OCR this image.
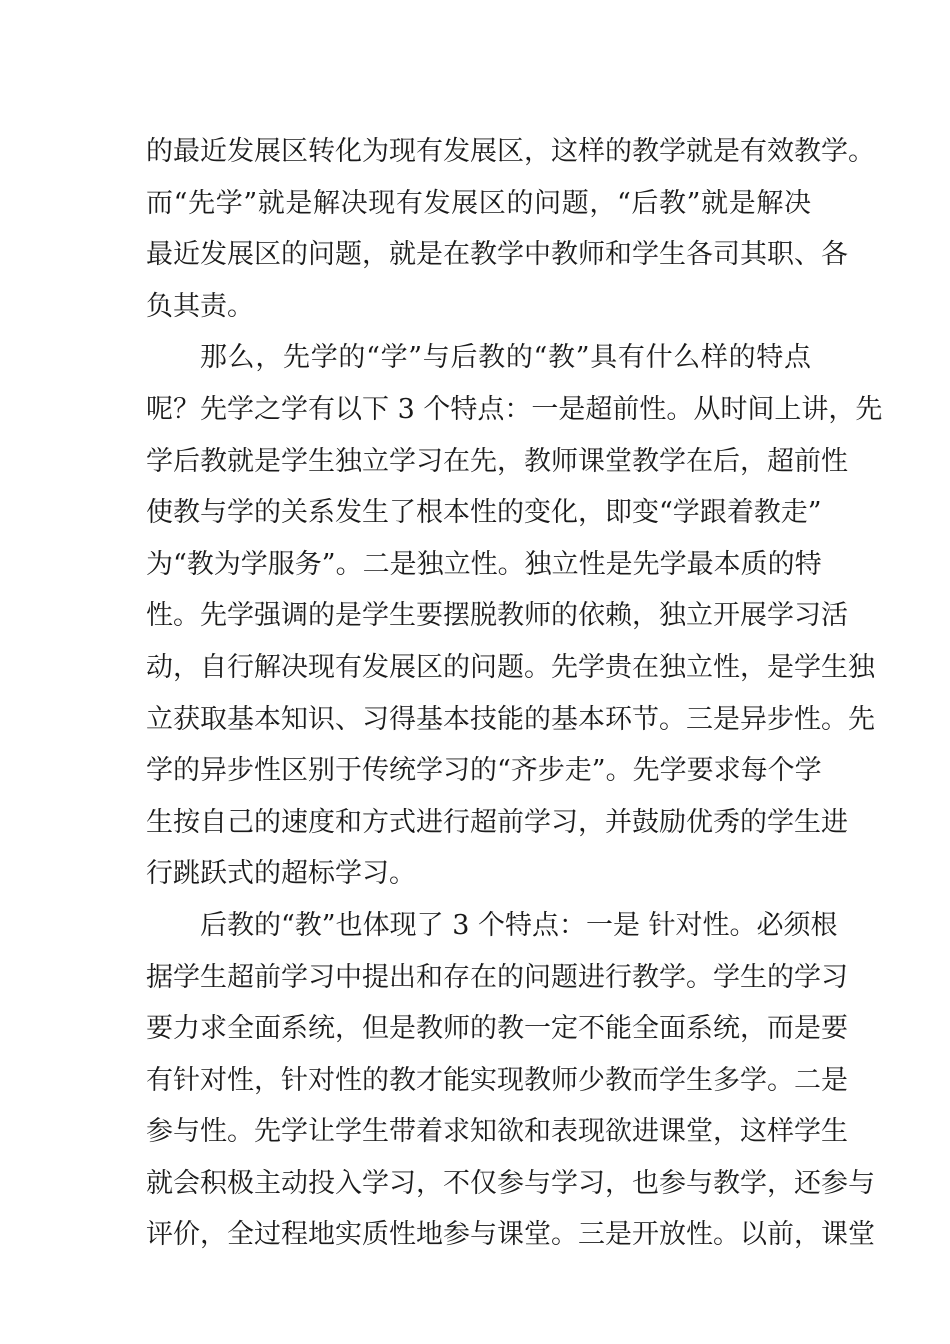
的最近发展区转化为现有发展区，这样的教学就是有效教学。
而“先学”就是解决现有发展区的问题，“后教”就是解决
最近发展区的问题，就是在教学中教师和学生各司其职、各
负其责。
那么，先学的“学”与后教的“教”具有什么样的特点
呢？先学之学有以下 3 个特点：一是超前性。从时间上讲，先
学后教就是学生独立学习在先，教师课堂教学在后，超前性
使教与学的关系发生了根本性的变化，即变“学跟着教走”
为“教为学服务”。二是独立性。独立性是先学最本质的特
性。先学强调的是学生要摆脱教师的依赖，独立开展学习活
动，自行解决现有发展区的问题。先学贵在独立性，是学生独
立获取基本知识、习得基本技能的基本环节。三是异步性。先
学的异步性区别于传统学习的“齐步走”。先学要求每个学
生按自己的速度和方式进行超前学习，并鼓励优秀的学生进
行跳跃式的超标学习。
后教的“教”也体现了 3 个特点：一是 针对性。必须根
据学生超前学习中提出和存在的问题进行教学。学生的学习
要力求全面系统，但是教师的教一定不能全面系统，而是要
有针对性，针对性的教才能实现教师少教而学生多学。二是
参与性。先学让学生带着求知欲和表现欲进课堂，这样学生
就会积极主动投入学习，不仅参与学习，也参与教学，还参与
评价，全过程地实质性地参与课堂。三是开放性。以前，课堂
